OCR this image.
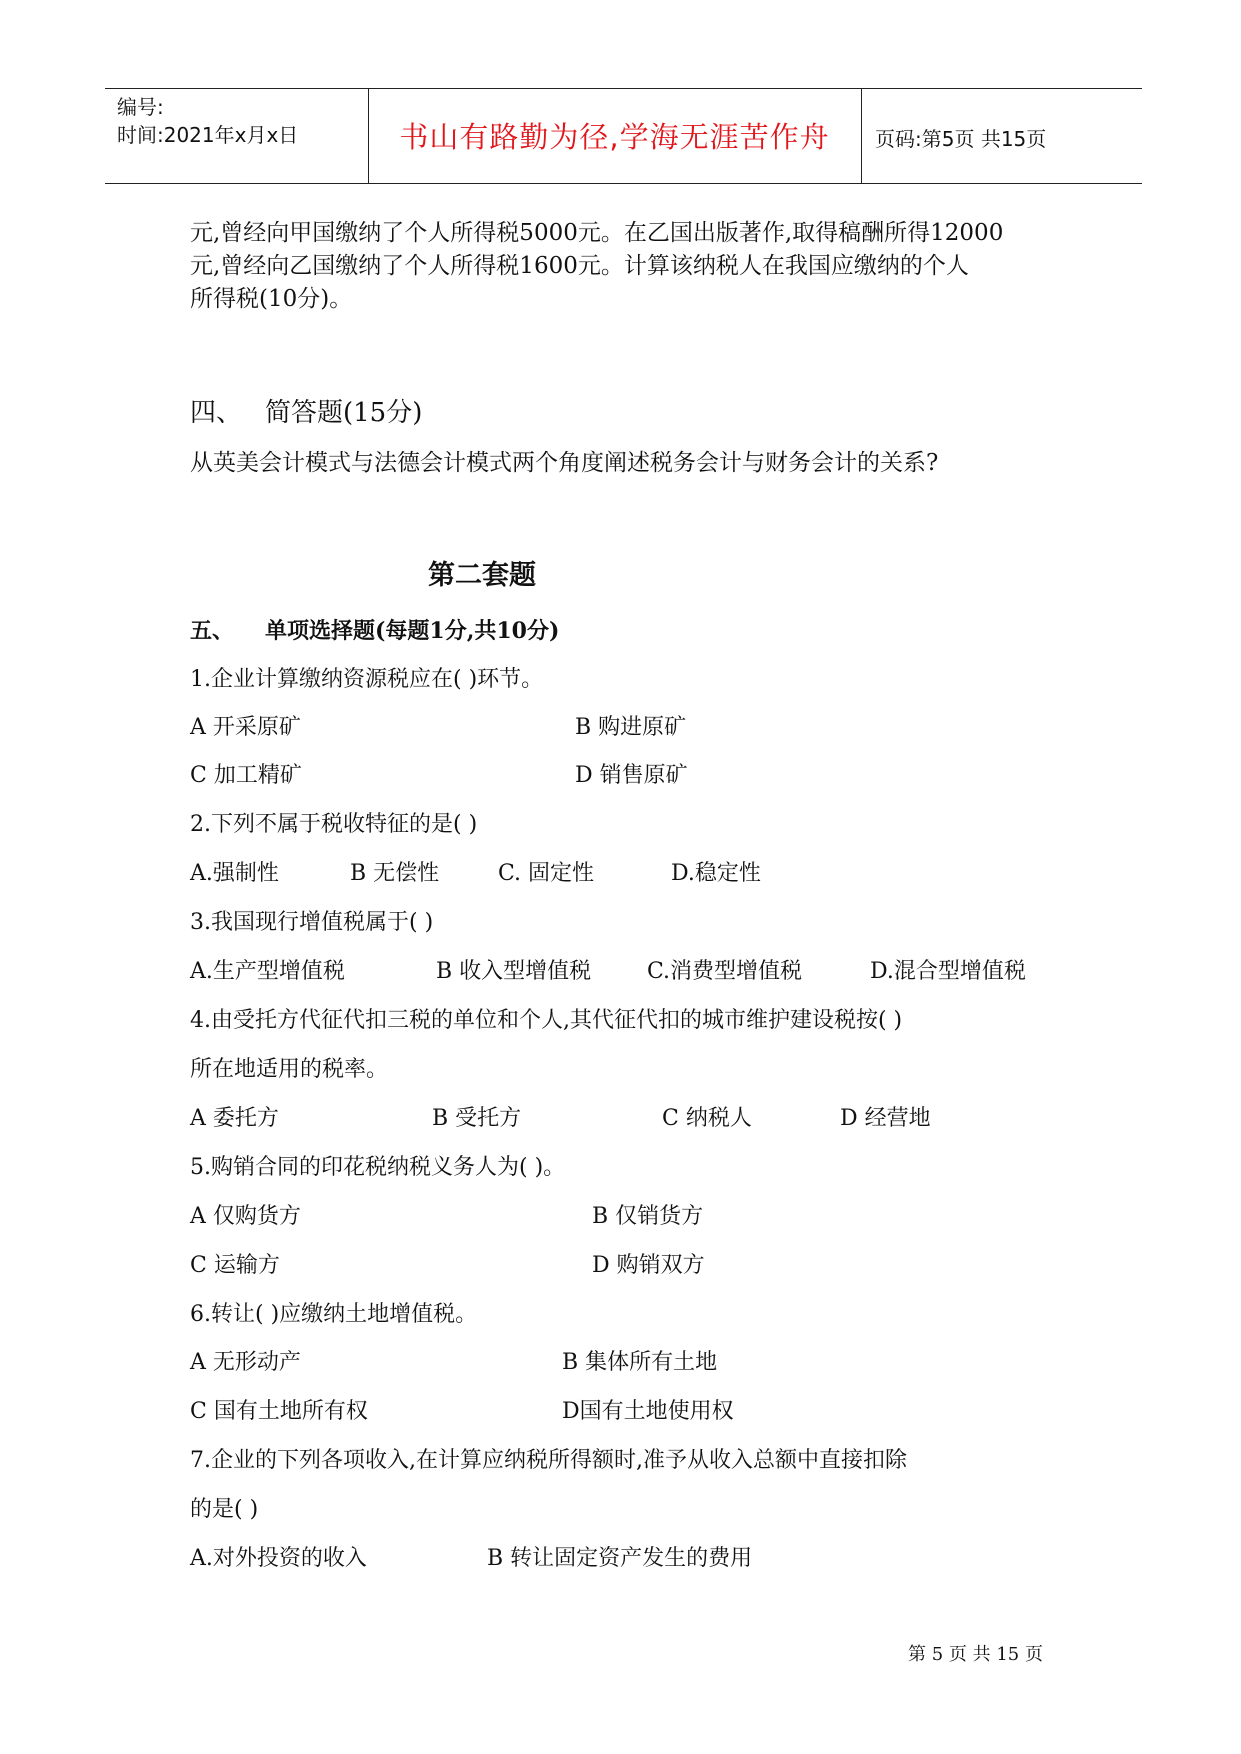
编号:
时间:2021年x月x日	书山有路勤为径,学海无涯苦作舟	页码:第5页 共15页
元,曾经向甲国缴纳了个人所得税5000元。在乙国出版著作,取得稿酬所得12000
元,曾经向乙国缴纳了个人所得税1600元。计算该纳税人在我国应缴纳的个人
所得税(10分)。
四、 简答题(15分)
从英美会计模式与法德会计模式两个角度阐述税务会计与财务会计的关系?
第二套题
五、 单项选择题(每题1分,共10分)
1.企业计算缴纳资源税应在( )环节。
A 开采原矿	B 购进原矿
C 加工精矿	D 销售原矿
2.下列不属于税收特征的是( )
A.强制性	B 无偿性	C. 固定性	D.稳定性
3.我国现行增值税属于( )
A.生产型增值税	B 收入型增值税	C.消费型增值税	D.混合型增值税
4.由受托方代征代扣三税的单位和个人,其代征代扣的城市维护建设税按( )
所在地适用的税率。
A 委托方	B 受托方	C 纳税人	D 经营地
5.购销合同的印花税纳税义务人为( )。
A 仅购货方	B 仅销货方
C 运输方	D 购销双方
6.转让( )应缴纳土地增值税。
A 无形动产	B 集体所有土地
C 国有土地所有权	D国有土地使用权
7.企业的下列各项收入,在计算应纳税所得额时,准予从收入总额中直接扣除
的是( )
A.对外投资的收入	B 转让固定资产发生的费用
第 5 页 共 15 页
